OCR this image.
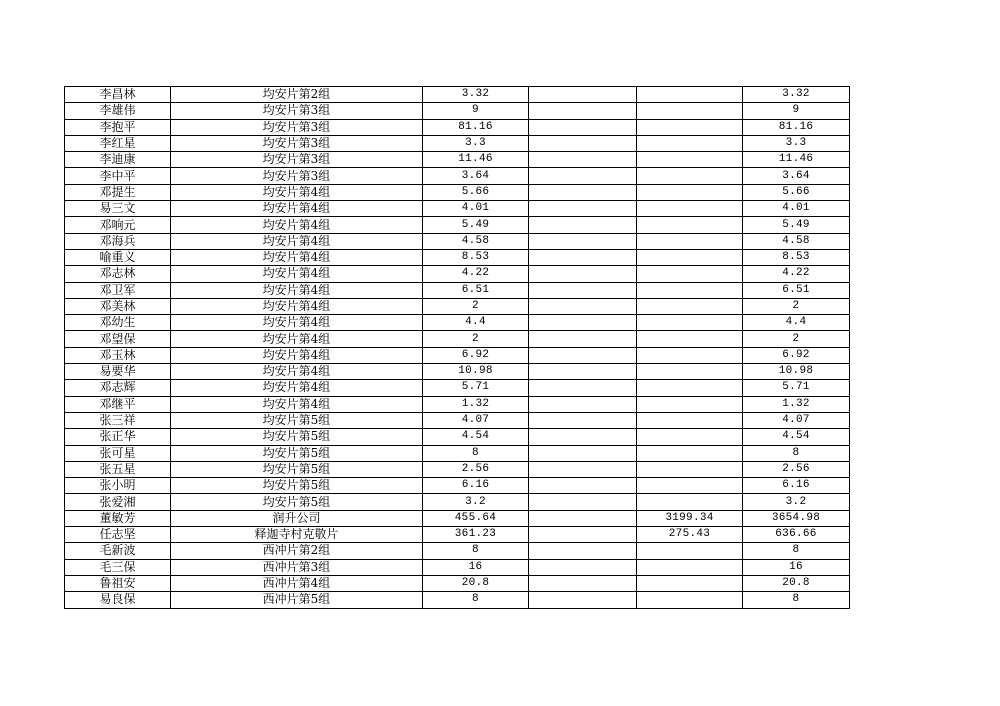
李昌林	均安片第2组	3.32			3.32
李雄伟	均安片第3组	9			9
李抱平	均安片第3组	81.16			81.16
李红星	均安片第3组	3.3			3.3
李迪康	均安片第3组	11.46			11.46
李中平	均安片第3组	3.64			3.64
邓提生	均安片第4组	5.66			5.66
易三文	均安片第4组	4.01			4.01
邓响元	均安片第4组	5.49			5.49
邓海兵	均安片第4组	4.58			4.58
喻重义	均安片第4组	8.53			8.53
邓志林	均安片第4组	4.22			4.22
邓卫军	均安片第4组	6.51			6.51
邓美林	均安片第4组	2			2
邓幼生	均安片第4组	4.4			4.4
邓望保	均安片第4组	2			2
邓玉林	均安片第4组	6.92			6.92
易要华	均安片第4组	10.98			10.98
邓志辉	均安片第4组	5.71			5.71
邓继平	均安片第4组	1.32			1.32
张三祥	均安片第5组	4.07			4.07
张正华	均安片第5组	4.54			4.54
张可星	均安片第5组	8			8
张五星	均安片第5组	2.56			2.56
张小明	均安片第5组	6.16			6.16
张爱湘	均安片第5组	3.2			3.2
董敏芳	润升公司	455.64		3199.34	3654.98
任志坚	释迦寺村克敬片	361.23		275.43	636.66
毛新波	西冲片第2组	8			8
毛三保	西冲片第3组	16			16
鲁祖安	西冲片第4组	20.8			20.8
易良保	西冲片第5组	8			8
